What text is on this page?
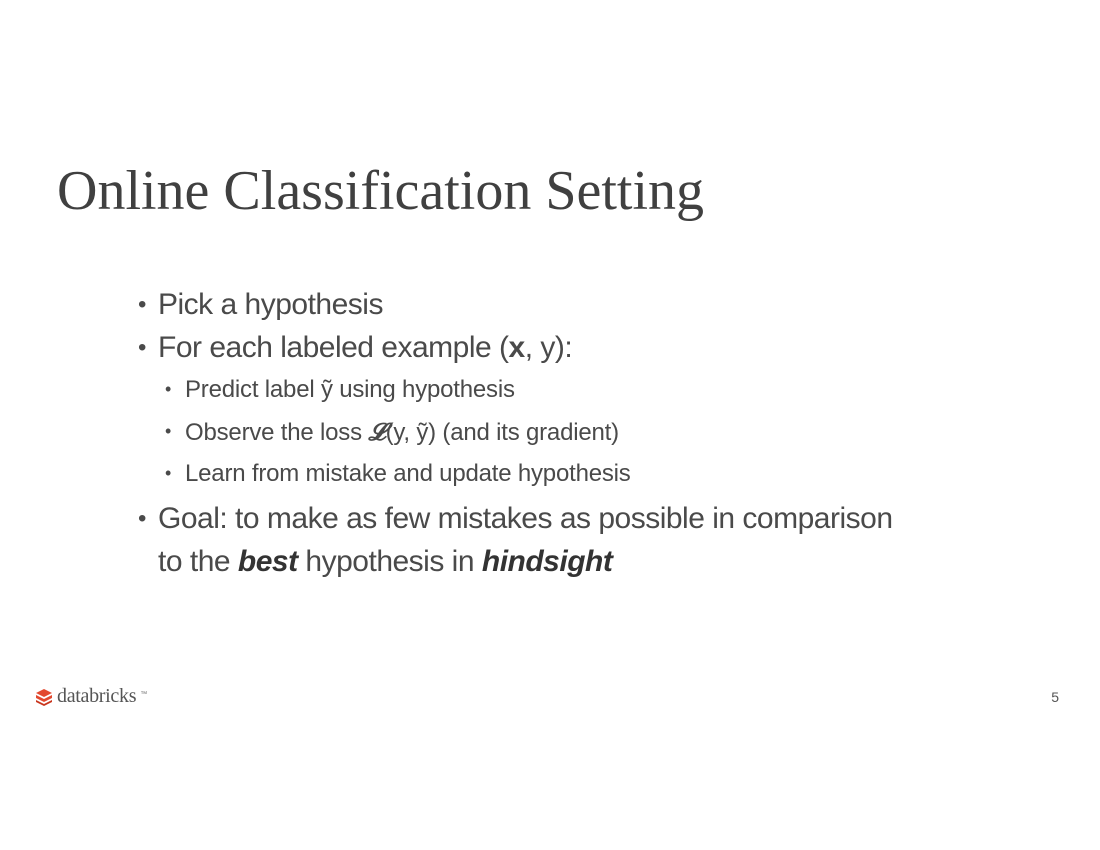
Online Classification Setting
• Pick a hypothesis
• For each labeled example (x, y):
• Predict label ỹ using hypothesis
• Observe the loss 𝓛(y, ỹ) (and its gradient)
• Learn from mistake and update hypothesis
• Goal: to make as few mistakes as possible in comparison to the best hypothesis in hindsight
databricks ™	5
